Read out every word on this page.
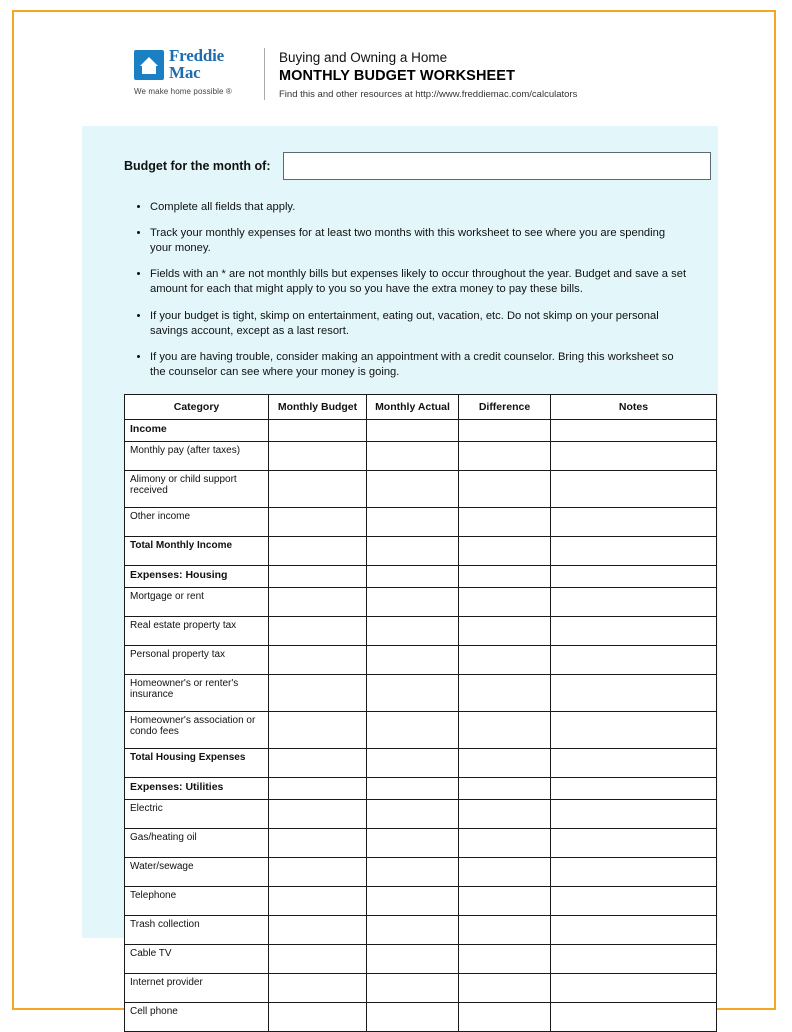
Freddie
Mac
We make home possible ®
Buying and Owning a Home
MONTHLY BUDGET WORKSHEET
Find this and other resources at http://www.freddiemac.com/calculators
Budget for the month of:
• Complete all fields that apply.
• Track your monthly expenses for at least two months with this worksheet to see where you are spending your money.
• Fields with an * are not monthly bills but expenses likely to occur throughout the year. Budget and save a set amount for each that might apply to you so you have the extra money to pay these bills.
• If your budget is tight, skimp on entertainment, eating out, vacation, etc. Do not skimp on your personal savings account, except as a last resort.
• If you are having trouble, consider making an appointment with a credit counselor. Bring this worksheet so the counselor can see where your money is going.
Category	Monthly Budget	Monthly Actual	Difference	Notes
Income				
Monthly pay (after taxes)				
Alimony or child support received				
Other income				
Total Monthly Income				
Expenses: Housing				
Mortgage or rent				
Real estate property tax				
Personal property tax				
Homeowner's or renter's insurance				
Homeowner's association or condo fees				
Total Housing Expenses				
Expenses: Utilities				
Electric				
Gas/heating oil				
Water/sewage				
Telephone				
Trash collection				
Cable TV				
Internet provider				
Cell phone				
